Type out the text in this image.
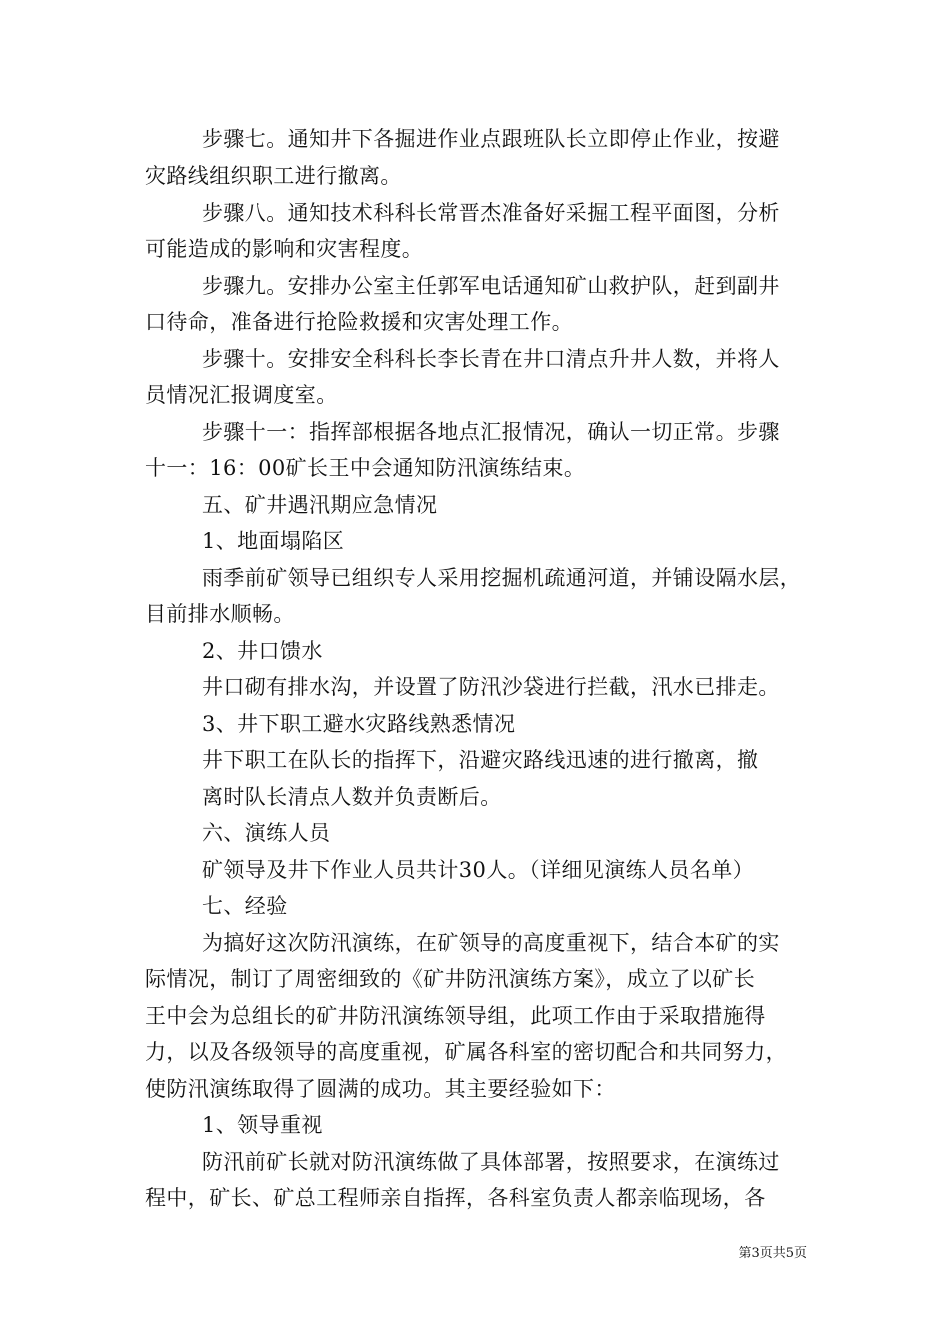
步骤七。通知井下各掘进作业点跟班队长立即停止作业，按避
灾路线组织职工进行撤离。
步骤八。通知技术科科长常晋杰准备好采掘工程平面图，分析
可能造成的影响和灾害程度。
步骤九。安排办公室主任郭军电话通知矿山救护队，赶到副井
口待命，准备进行抢险救援和灾害处理工作。
步骤十。安排安全科科长李长青在井口清点升井人数，并将人
员情况汇报调度室。
步骤十一：指挥部根据各地点汇报情况，确认一切正常。步骤
十一：16：00矿长王中会通知防汛演练结束。
五、矿井遇汛期应急情况
1、地面塌陷区
雨季前矿领导已组织专人采用挖掘机疏通河道，并铺设隔水层，
目前排水顺畅。
2、井口馈水
井口砌有排水沟，并设置了防汛沙袋进行拦截，汛水已排走。
3、井下职工避水灾路线熟悉情况
井下职工在队长的指挥下，沿避灾路线迅速的进行撤离，撤
离时队长清点人数并负责断后。
六、演练人员
矿领导及井下作业人员共计30人。（详细见演练人员名单）
七、经验
为搞好这次防汛演练，在矿领导的高度重视下，结合本矿的实
际情况，制订了周密细致的《矿井防汛演练方案》，成立了以矿长
王中会为总组长的矿井防汛演练领导组，此项工作由于采取措施得
力，以及各级领导的高度重视，矿属各科室的密切配合和共同努力，
使防汛演练取得了圆满的成功。其主要经验如下：
1、领导重视
防汛前矿长就对防汛演练做了具体部署，按照要求，在演练过
程中，矿长、矿总工程师亲自指挥，各科室负责人都亲临现场，各
第3页共5页
